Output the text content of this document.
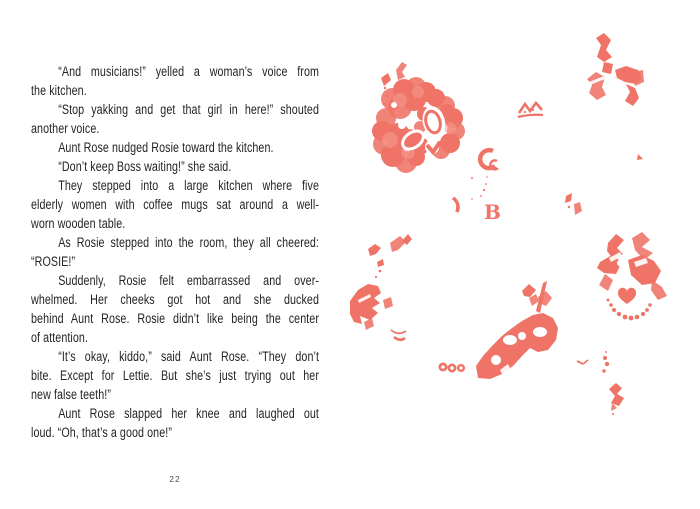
“And musicians!” yelled a woman’s voice from
the kitchen.
“Stop yakking and get that girl in here!” shouted
another voice.
Aunt Rose nudged Rosie toward the kitchen.
“Don’t keep Boss waiting!” she said.
They stepped into a large kitchen where five
elderly women with coffee mugs sat around a well-
worn wooden table.
As Rosie stepped into the room, they all cheered:
“ROSIE!”
Suddenly, Rosie felt embarrassed and over-
whelmed. Her cheeks got hot and she ducked
behind Aunt Rose. Rosie didn’t like being the center
of attention.
“It’s okay, kiddo,” said Aunt Rose. “They don’t
bite. Except for Lettie. But she’s just trying out her
new false teeth!”
Aunt Rose slapped her knee and laughed out
loud. “Oh, that’s a good one!”
22
B
